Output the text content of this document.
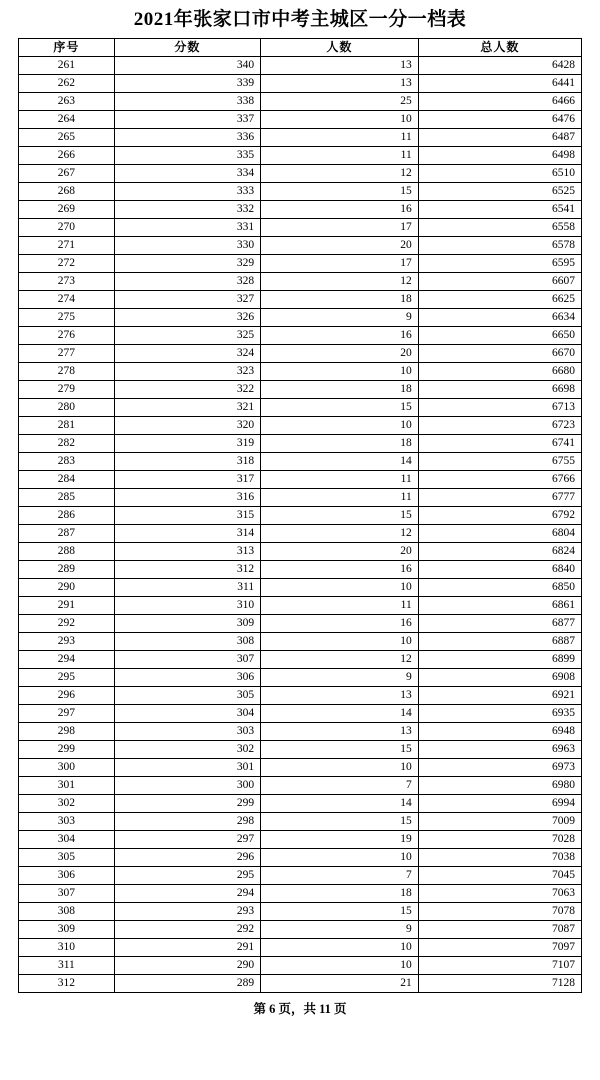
2021年张家口市中考主城区一分一档表
序号	分数	人数	总人数
261	340	13	6428
262	339	13	6441
263	338	25	6466
264	337	10	6476
265	336	11	6487
266	335	11	6498
267	334	12	6510
268	333	15	6525
269	332	16	6541
270	331	17	6558
271	330	20	6578
272	329	17	6595
273	328	12	6607
274	327	18	6625
275	326	9	6634
276	325	16	6650
277	324	20	6670
278	323	10	6680
279	322	18	6698
280	321	15	6713
281	320	10	6723
282	319	18	6741
283	318	14	6755
284	317	11	6766
285	316	11	6777
286	315	15	6792
287	314	12	6804
288	313	20	6824
289	312	16	6840
290	311	10	6850
291	310	11	6861
292	309	16	6877
293	308	10	6887
294	307	12	6899
295	306	9	6908
296	305	13	6921
297	304	14	6935
298	303	13	6948
299	302	15	6963
300	301	10	6973
301	300	7	6980
302	299	14	6994
303	298	15	7009
304	297	19	7028
305	296	10	7038
306	295	7	7045
307	294	18	7063
308	293	15	7078
309	292	9	7087
310	291	10	7097
311	290	10	7107
312	289	21	7128
第 6 页，共 11 页
